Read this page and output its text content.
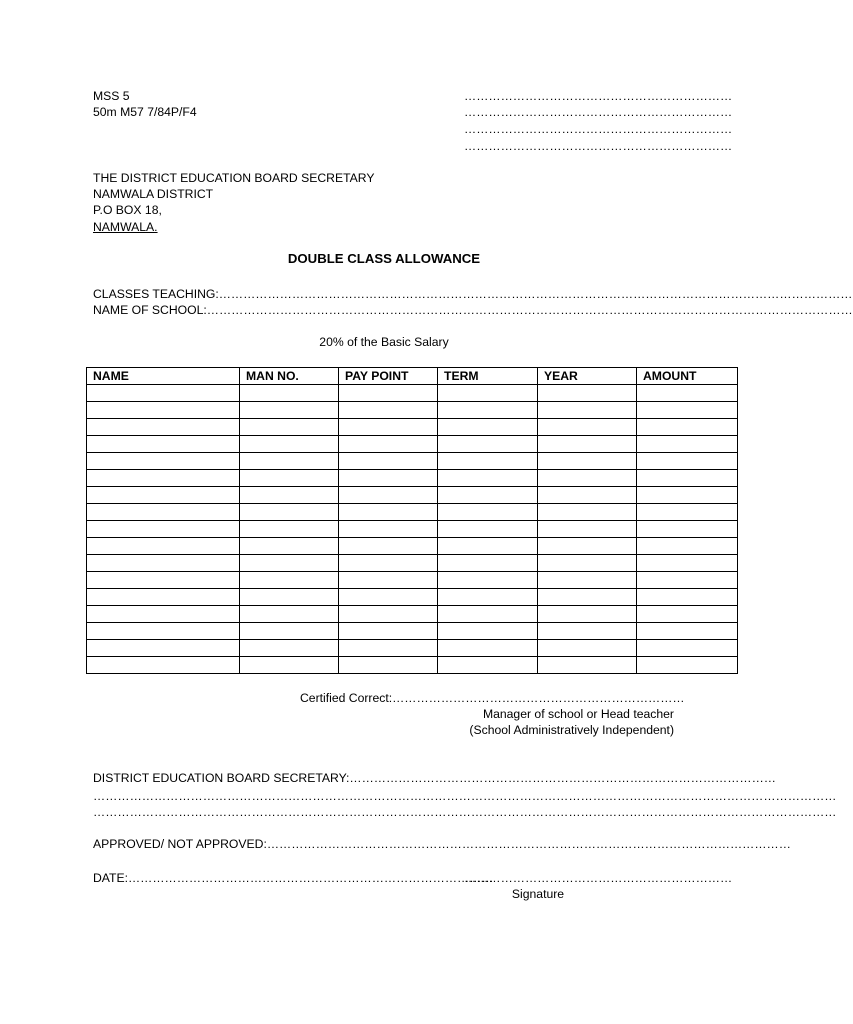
MSS 5
50m M57 7/84P/F4
…………………………………………………………
…………………………………………………………
…………………………………………………………
…………………………………………………………
THE DISTRICT EDUCATION BOARD SECRETARY
NAMWALA DISTRICT
P.O BOX 18,
NAMWALA.
DOUBLE CLASS ALLOWANCE
CLASSES TEACHING:…………………………………………………………………………………………………………………………………………
NAME OF SCHOOL:……………………………………………………………………………………………………………………………………………
20% of the Basic Salary
NAME	MAN NO.	PAY POINT	TERM	YEAR	AMOUNT

Certified Correct:………………………………………………………………
Manager of school or Head teacher
(School Administratively Independent)
DISTRICT EDUCATION BOARD SECRETARY:……………………………………………………………………………………………
…………………………………………………………………………………………………………………………………………………………………
…………………………………………………………………………………………………………………………………………………………………
APPROVED/ NOT APPROVED:…………………………………………………………………………………………………………………
DATE:………………………………………………………………………………
…………………………………………………………
Signature
